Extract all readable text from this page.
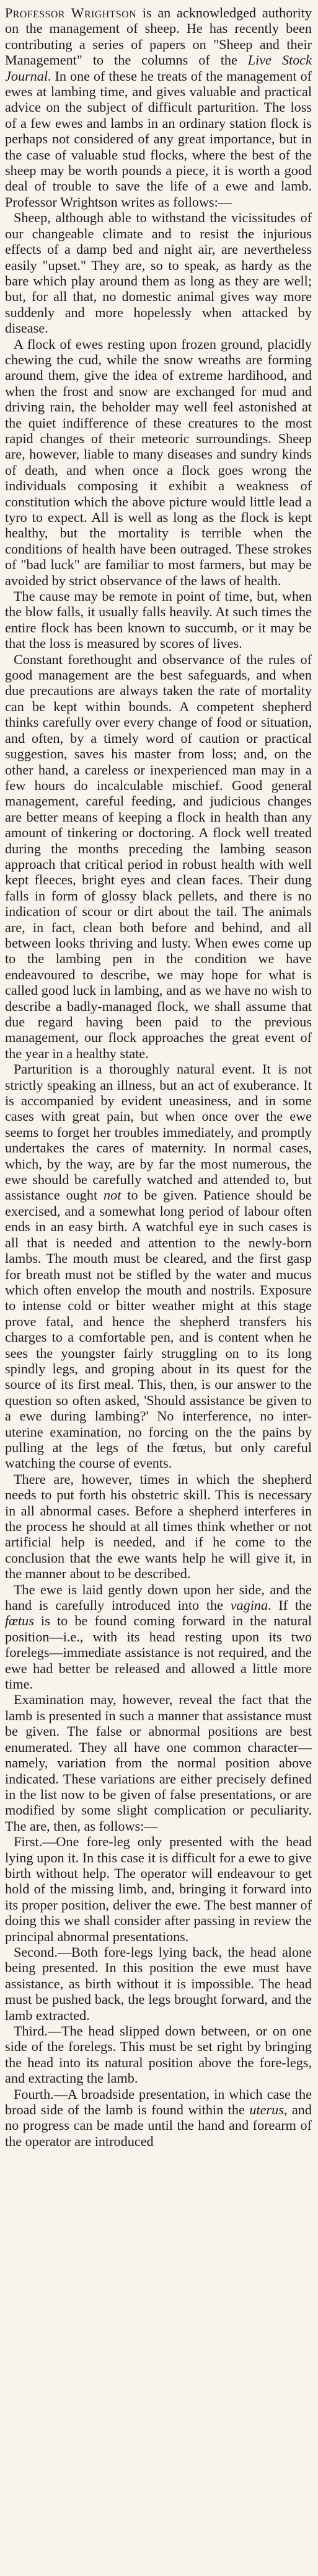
Professor Wrightson is an acknowledged authority on the management of sheep. He has recently been contributing a series of papers on "Sheep and their Management" to the columns of the Live Stock Journal. In one of these he treats of the management of ewes at lambing time, and gives valuable and practical advice on the subject of difficult parturition. The loss of a few ewes and lambs in an ordinary station flock is perhaps not considered of any great importance, but in the case of valuable stud flocks, where the best of the sheep may be worth pounds a piece, it is worth a good deal of trouble to save the life of a ewe and lamb. Professor Wrightson writes as follows:—

Sheep, although able to withstand the vicissitudes of our changeable climate and to resist the injurious effects of a damp bed and night air, are nevertheless easily "upset." They are, so to speak, as hardy as the bare which play around them as long as they are well; but, for all that, no domestic animal gives way more suddenly and more hopelessly when attacked by disease.

A flock of ewes resting upon frozen ground, placidly chewing the cud, while the snow wreaths are forming around them, give the idea of extreme hardihood, and when the frost and snow are exchanged for mud and driving rain, the beholder may well feel astonished at the quiet indifference of these creatures to the most rapid changes of their meteoric surroundings. Sheep are, however, liable to many diseases and sundry kinds of death, and when once a flock goes wrong the individuals composing it exhibit a weakness of constitution which the above picture would little lead a tyro to expect. All is well as long as the flock is kept healthy, but the mortality is terrible when the conditions of health have been outraged. These strokes of "bad luck" are familiar to most farmers, but may be avoided by strict observance of the laws of health.

The cause may be remote in point of time, but, when the blow falls, it usually falls heavily. At such times the entire flock has been known to succumb, or it may be that the loss is measured by scores of lives.

Constant forethought and observance of the rules of good management are the best safeguards, and when due precautions are always taken the rate of mortality can be kept within bounds. A competent shepherd thinks carefully over every change of food or situation, and often, by a timely word of caution or practical suggestion, saves his master from loss; and, on the other hand, a careless or inexperienced man may in a few hours do incalculable mischief. Good general management, careful feeding, and judicious changes are better means of keeping a flock in health than any amount of tinkering or doctoring. A flock well treated during the months preceding the lambing season approach that critical period in robust health with well kept fleeces, bright eyes and clean faces. Their dung falls in form of glossy black pellets, and there is no indication of scour or dirt about the tail. The animals are, in fact, clean both before and behind, and all between looks thriving and lusty. When ewes come up to the lambing pen in the condition we have endeavoured to describe, we may hope for what is called good luck in lambing, and as we have no wish to describe a badly-managed flock, we shall assume that due regard having been paid to the previous management, our flock approaches the great event of the year in a healthy state.

Parturition is a thoroughly natural event. It is not strictly speaking an illness, but an act of exuberance. It is accompanied by evident uneasiness, and in some cases with great pain, but when once over the ewe seems to forget her troubles immediately, and promptly undertakes the cares of maternity. In normal cases, which, by the way, are by far the most numerous, the ewe should be carefully watched and attended to, but assistance ought not to be given. Patience should be exercised, and a somewhat long period of labour often ends in an easy birth. A watchful eye in such cases is all that is needed and attention to the newly-born lambs. The mouth must be cleared, and the first gasp for breath must not be stifled by the water and mucus which often envelop the mouth and nostrils. Exposure to intense cold or bitter weather might at this stage prove fatal, and hence the shepherd transfers his charges to a comfortable pen, and is content when he sees the youngster fairly struggling on to its long spindly legs, and groping about in its quest for the source of its first meal. This, then, is our answer to the question so often asked, 'Should assistance be given to a ewe during lambing?' No interference, no inter-uterine examination, no forcing on the the pains by pulling at the legs of the fœtus, but only careful watching the course of events.

There are, however, times in which the shepherd needs to put forth his obstetric skill. This is necessary in all abnormal cases. Before a shepherd interferes in the process he should at all times think whether or not artificial help is needed, and if he come to the conclusion that the ewe wants help he will give it, in the manner about to be described.

The ewe is laid gently down upon her side, and the hand is carefully introduced into the vagina. If the fœtus is to be found coming forward in the natural position—i.e., with its head resting upon its two forelegs—immediate assistance is not required, and the ewe had better be released and allowed a little more time.

Examination may, however, reveal the fact that the lamb is presented in such a manner that assistance must be given. The false or abnormal positions are best enumerated. They all have one common character—namely, variation from the normal position above indicated. These variations are either precisely defined in the list now to be given of false presentations, or are modified by some slight complication or peculiarity. The are, then, as follows:—

First.—One fore-leg only presented with the head lying upon it. In this case it is difficult for a ewe to give birth without help. The operator will endeavour to get hold of the missing limb, and, bringing it forward into its proper position, deliver the ewe. The best manner of doing this we shall consider after passing in review the principal abnormal presentations.

Second.—Both fore-legs lying back, the head alone being presented. In this position the ewe must have assistance, as birth without it is impossible. The head must be pushed back, the legs brought forward, and the lamb extracted.

Third.—The head slipped down between, or on one side of the forelegs. This must be set right by bringing the head into its natural position above the fore-legs, and extracting the lamb.

Fourth.—A broadside presentation, in which case the broad side of the lamb is found within the uterus, and no progress can be made until the hand and forearm of the operator are introduced
